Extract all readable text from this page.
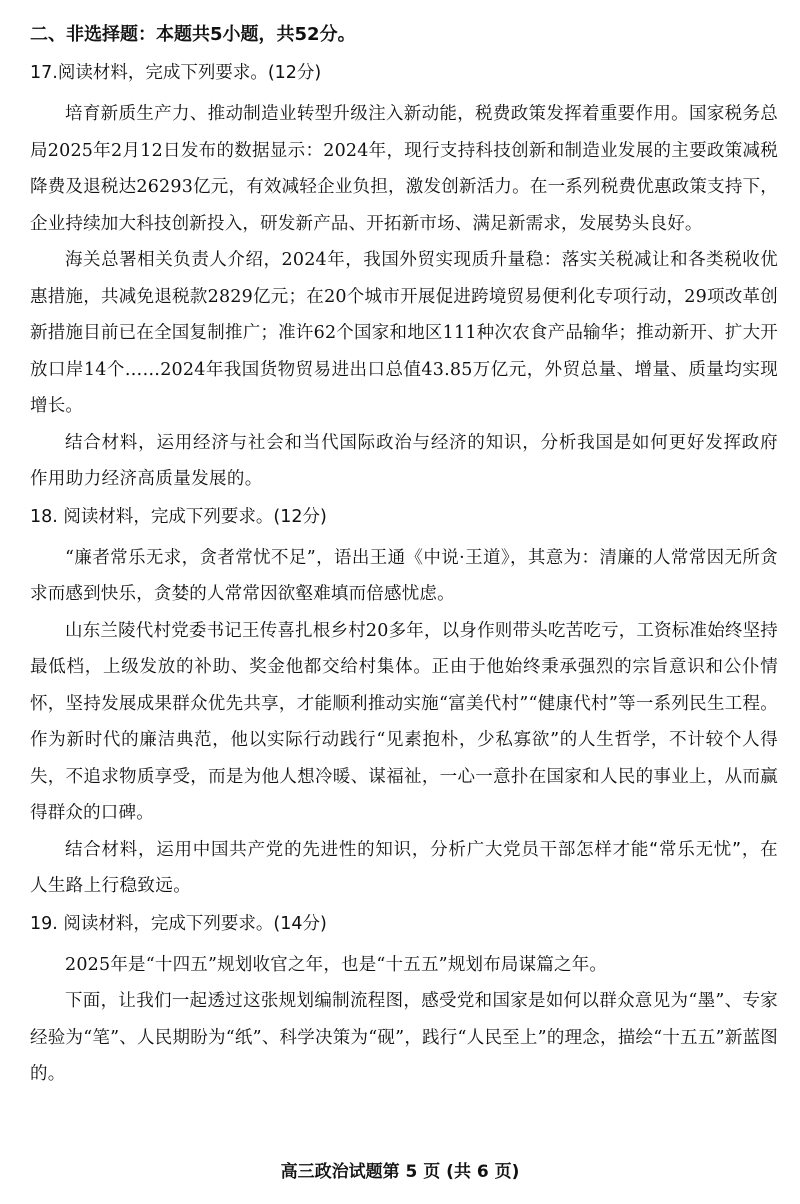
二、非选择题：本题共5小题，共52分。
17.阅读材料，完成下列要求。(12分)

培育新质生产力、推动制造业转型升级注入新动能，税费政策发挥着重要作用。国家税务总局2025年2月12日发布的数据显示：2024年，现行支持科技创新和制造业发展的主要政策减税降费及退税达26293亿元，有效减轻企业负担，激发创新活力。在一系列税费优惠政策支持下，企业持续加大科技创新投入，研发新产品、开拓新市场、满足新需求，发展势头良好。

海关总署相关负责人介绍，2024年，我国外贸实现质升量稳：落实关税减让和各类税收优惠措施，共减免退税款2829亿元；在20个城市开展促进跨境贸易便利化专项行动，29项改革创新措施目前已在全国复制推广；准许62个国家和地区111种次农食产品输华；推动新开、扩大开放口岸14个……2024年我国货物贸易进出口总值43.85万亿元，外贸总量、增量、质量均实现增长。

结合材料，运用经济与社会和当代国际政治与经济的知识，分析我国是如何更好发挥政府作用助力经济高质量发展的。

18. 阅读材料，完成下列要求。(12分)

“廉者常乐无求，贪者常忧不足”，语出王通《中说·王道》，其意为：清廉的人常常因无所贪求而感到快乐，贪婪的人常常因欲壑难填而倍感忧虑。

山东兰陵代村党委书记王传喜扎根乡村20多年，以身作则带头吃苦吃亏，工资标准始终坚持最低档，上级发放的补助、奖金他都交给村集体。正由于他始终秉承强烈的宗旨意识和公仆情怀，坚持发展成果群众优先共享，才能顺利推动实施“富美代村”“健康代村”等一系列民生工程。作为新时代的廉洁典范，他以实际行动践行“见素抱朴，少私寡欲”的人生哲学，不计较个人得失，不追求物质享受，而是为他人想冷暖、谋福祉，一心一意扑在国家和人民的事业上，从而赢得群众的口碑。

结合材料，运用中国共产党的先进性的知识，分析广大党员干部怎样才能“常乐无忧”，在人生路上行稳致远。

19. 阅读材料，完成下列要求。(14分)

2025年是“十四五”规划收官之年，也是“十五五”规划布局谋篇之年。

下面，让我们一起透过这张规划编制流程图，感受党和国家是如何以群众意见为“墨”、专家经验为“笔”、人民期盼为“纸”、科学决策为“砚”，践行“人民至上”的理念，描绘“十五五”新蓝图的。

高三政治试题第 5 页 (共 6 页)
